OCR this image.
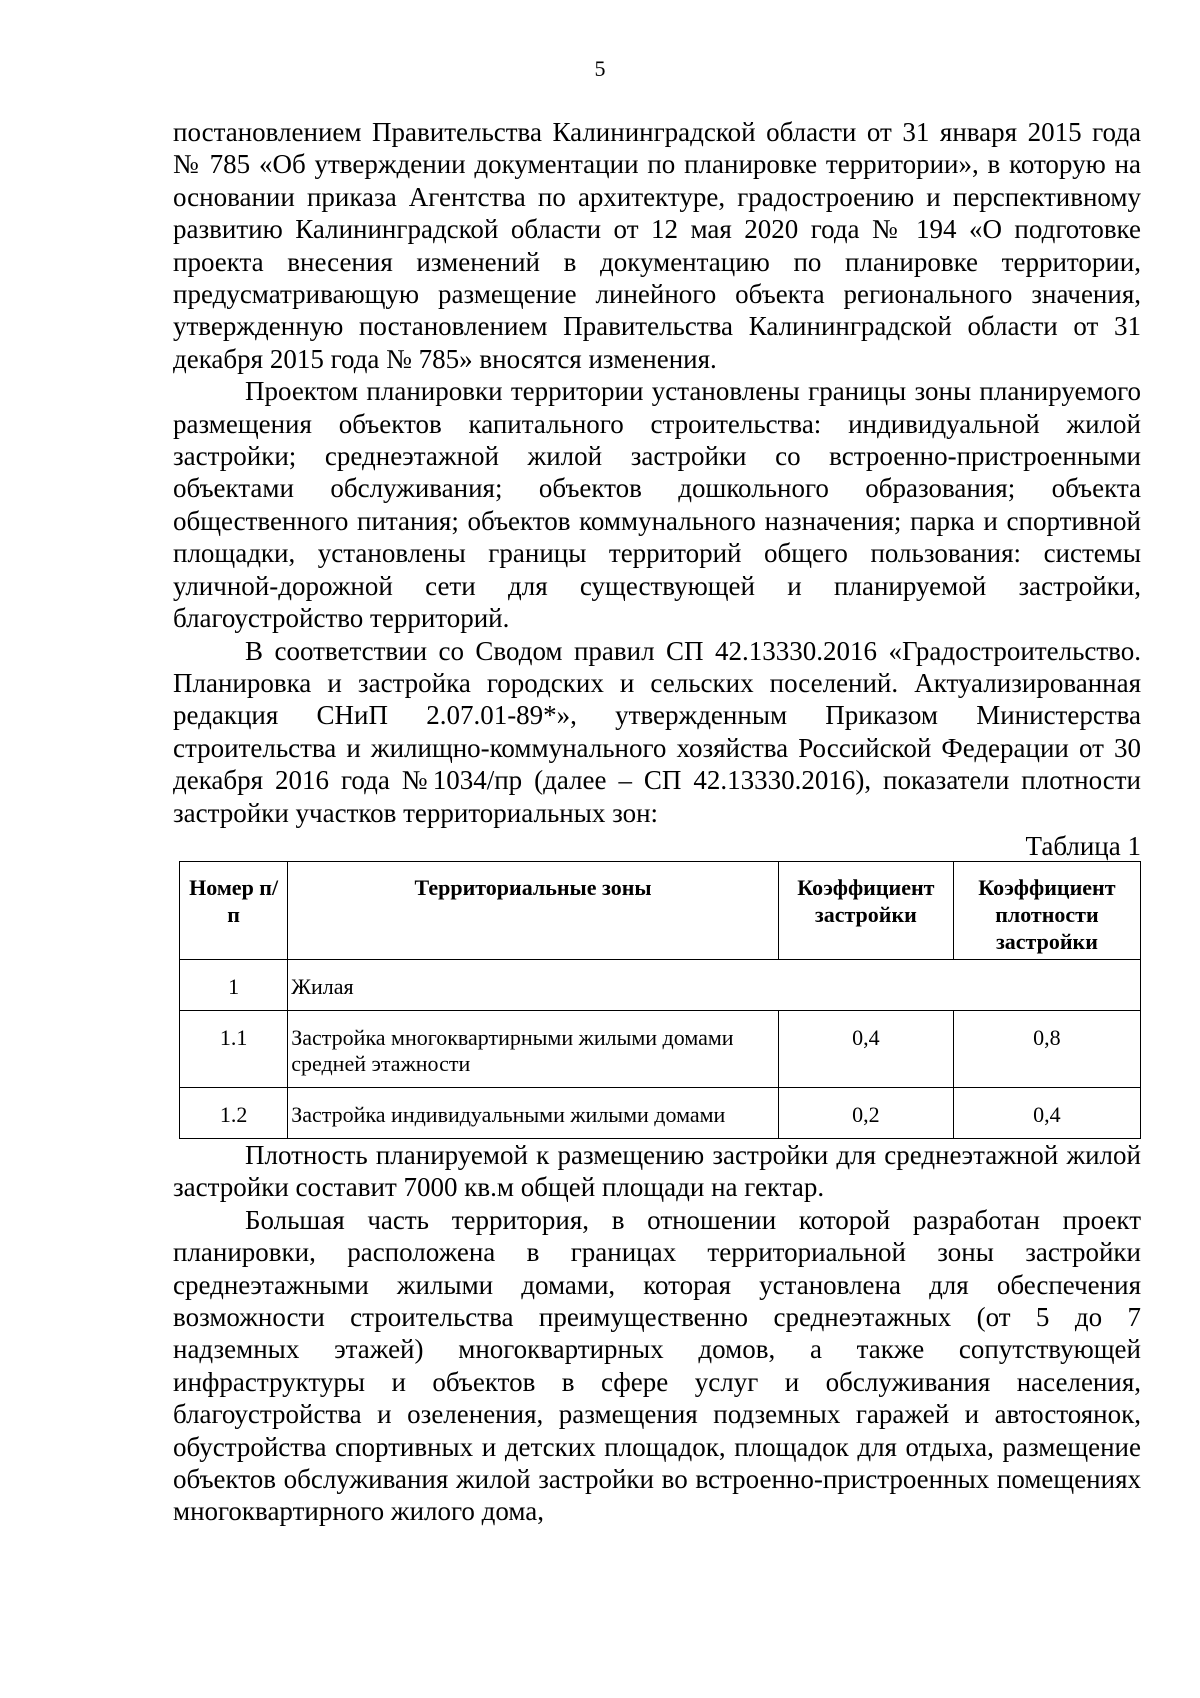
5

постановлением Правительства Калининградской области от 31 января 2015 года № 785 «Об утверждении документации по планировке территории», в которую на основании приказа Агентства по архитектуре, градостроению и перспективному развитию Калининградской области от 12 мая 2020 года № 194 «О подготовке проекта внесения изменений в документацию по планировке территории, предусматривающую размещение линейного объекта регионального значения, утвержденную постановлением Правительства Калининградской области от 31 декабря 2015 года № 785» вносятся изменения.

Проектом планировки территории установлены границы зоны планируемого размещения объектов капитального строительства: индивидуальной жилой застройки; среднеэтажной жилой застройки со встроенно-пристроенными объектами обслуживания; объектов дошкольного образования; объекта общественного питания; объектов коммунального назначения; парка и спортивной площадки, установлены границы территорий общего пользования: системы уличной-дорожной сети для существующей и планируемой застройки, благоустройство территорий.

В соответствии со Сводом правил СП 42.13330.2016 «Градостроительство. Планировка и застройка городских и сельских поселений. Актуализированная редакция СНиП 2.07.01-89*», утвержденным Приказом Министерства строительства и жилищно-коммунального хозяйства Российской Федерации от 30 декабря 2016 года №1034/пр (далее – СП 42.13330.2016), показатели плотности застройки участков территориальных зон:

Таблица 1

Номер п/п	Территориальные зоны	Коэффициент застройки	Коэффициент плотности застройки
1	Жилая		
1.1	Застройка многоквартирными жилыми домами средней этажности	0,4	0,8
1.2	Застройка индивидуальными жилыми домами	0,2	0,4

Плотность планируемой к размещению застройки для среднеэтажной жилой застройки составит 7000 кв.м общей площади на гектар.

Большая часть территория, в отношении которой разработан проект планировки, расположена в границах территориальной зоны застройки среднеэтажными жилыми домами, которая установлена для обеспечения возможности строительства преимущественно среднеэтажных (от 5 до 7 надземных этажей) многоквартирных домов, а также сопутствующей инфраструктуры и объектов в сфере услуг и обслуживания населения, благоустройства и озеленения, размещения подземных гаражей и автостоянок, обустройства спортивных и детских площадок, площадок для отдыха, размещение объектов обслуживания жилой застройки во встроенно-пристроенных помещениях многоквартирного жилого дома,
